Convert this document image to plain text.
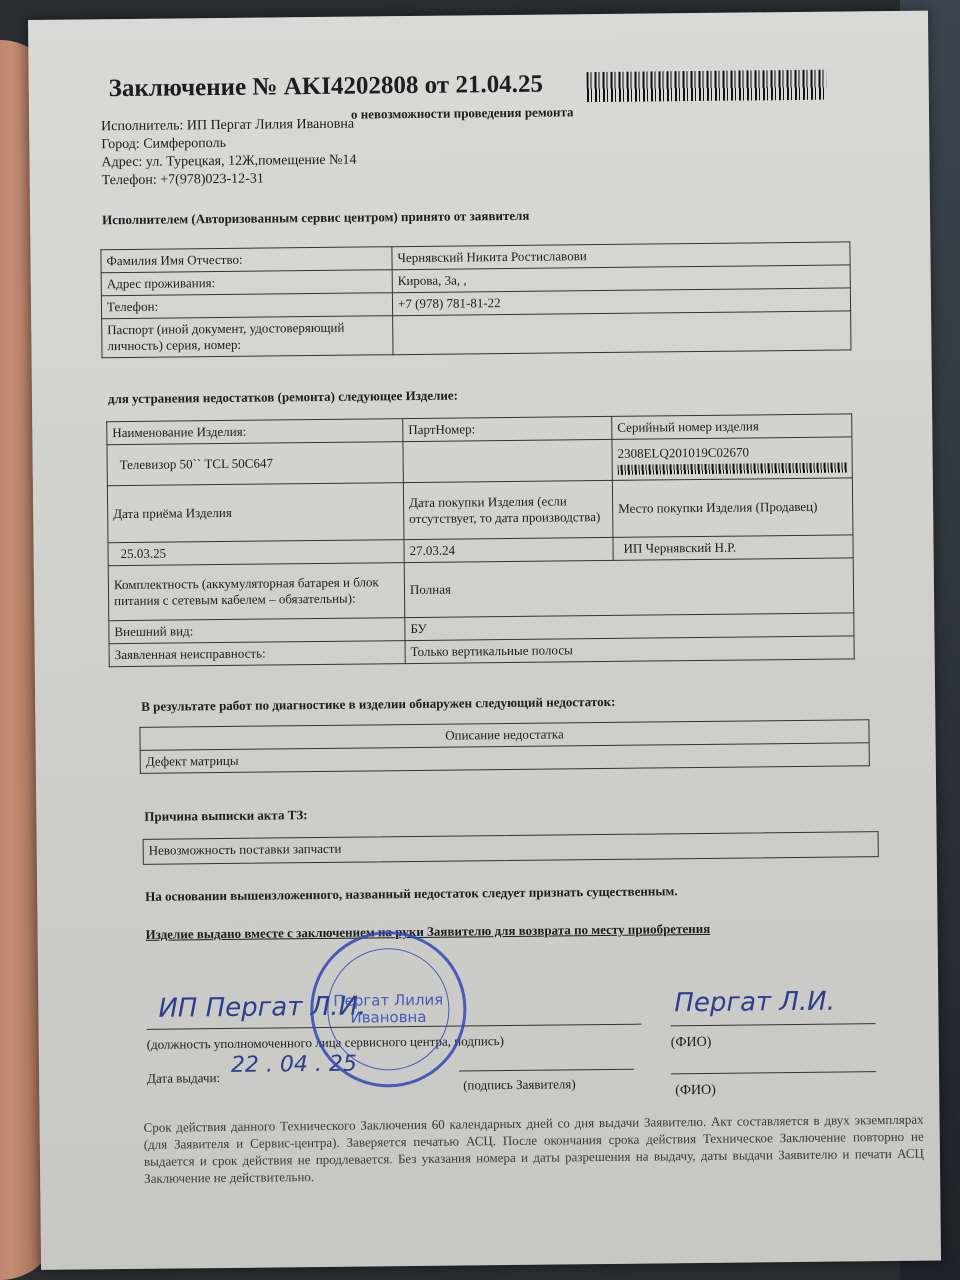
Заключение № AKI4202808 от 21.04.25
о невозможности проведения ремонта
Исполнитель: ИП Пергат Лилия Ивановна
Город: Симферополь
Адрес: ул. Турецкая, 12Ж,помещение №14
Телефон: +7(978)023-12-31
Исполнителем (Авторизованным сервис центром) принято от заявителя
Фамилия Имя Отчество:	Чернявский Никита Ростиславови
Адрес проживания:	Кирова, 3а, ,
Телефон:	+7 (978) 781-81-22
Паспорт (иной документ, удостоверяющий личность) серия, номер:	
для устранения недостатков (ремонта) следующее Изделие:
Наименование Изделия:	ПартНомер:	Серийный номер изделия
Телевизор 50`` TCL 50C647		2308ELQ201019C02670

Дата приёма Изделия	Дата покупки Изделия (если отсутствует, то дата производства)	Место покупки Изделия (Продавец)
25.03.25	27.03.24	ИП Чернявский Н.Р.
Комплектность (аккумуляторная батарея и блок питания с сетевым кабелем – обязательны):	Полная	
Внешний вид:	БУ	
Заявленная неисправность:	Только вертикальные полосы	
В результате работ по диагностике в изделии обнаружен следующий недостаток:
Описание недостатка
Дефект матрицы
Причина выписки акта ТЗ:
Невозможность поставки запчасти
На основании вышеизложенного, названный недостаток следует признать существенным.
Изделие выдано вместе с заключением на руки Заявителю для возврата по месту приобретения
ИП Пергат Л.И.
(должность уполномоченного лица сервисного центра, подпись)
Пергат Л.И.
(ФИО)
Дата выдачи: 22 . 04 . 25
(подпись Заявителя)	(ФИО)
Пергат Лилия Ивановна
Срок действия данного Технического Заключения 60 календарных дней со дня выдачи Заявителю. Акт составляется в двух экземплярах (для Заявителя и Сервис-центра). Заверяется печатью АСЦ. После окончания срока действия Техническое Заключение повторно не выдается и срок действия не продлевается. Без указания номера и даты разрешения на выдачу, даты выдачи Заявителю и печати АСЦ Заключение не действительно.
